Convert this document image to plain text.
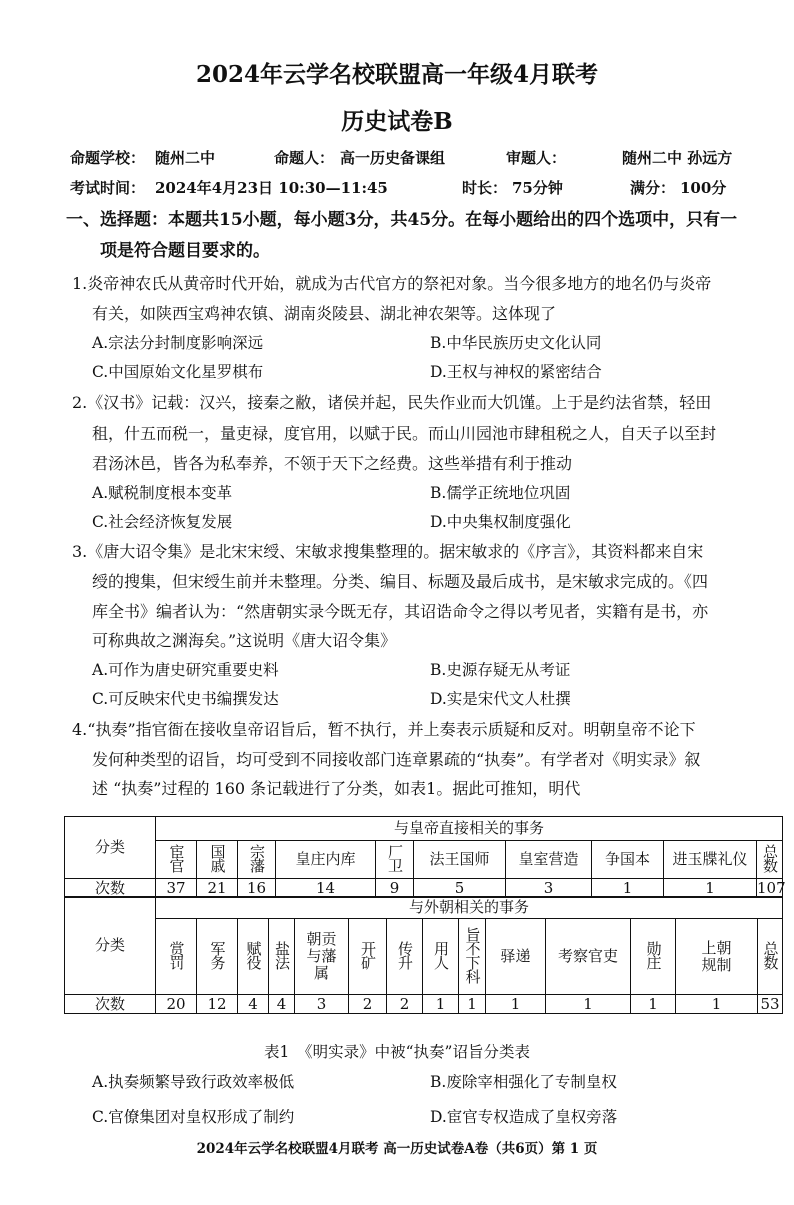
2024年云学名校联盟高一年级4月联考
历史试卷B
命题学校： 随州二中	命题人： 高一历史备课组	审题人：	随州二中 孙远方
考试时间： 2024年4月23日 10:30—11:45	时长： 75分钟	满分： 100分
一、选择题：本题共15小题，每小题3分，共45分。在每小题给出的四个选项中，只有一
项是符合题目要求的。
1.炎帝神农氏从黄帝时代开始，就成为古代官方的祭祀对象。当今很多地方的地名仍与炎帝
有关，如陕西宝鸡神农镇、湖南炎陵县、湖北神农架等。这体现了
A.宗法分封制度影响深远	B.中华民族历史文化认同
C.中国原始文化星罗棋布	D.王权与神权的紧密结合
2.《汉书》记载：汉兴，接秦之敝，诸侯并起，民失作业而大饥馑。上于是约法省禁，轻田
租，什五而税一，量吏禄，度官用，以赋于民。而山川园池市肆租税之人，自天子以至封
君汤沐邑，皆各为私奉养，不领于天下之经费。这些举措有利于推动
A.赋税制度根本变革	B.儒学正统地位巩固
C.社会经济恢复发展	D.中央集权制度强化
3.《唐大诏令集》是北宋宋绶、宋敏求搜集整理的。据宋敏求的《序言》，其资料都来自宋
绶的搜集，但宋绶生前并未整理。分类、编目、标题及最后成书，是宋敏求完成的。《四
库全书》编者认为：“然唐朝实录今既无存，其诏诰命令之得以考见者，实籍有是书，亦
可称典故之渊海矣。”这说明《唐大诏令集》
A.可作为唐史研究重要史料	B.史源存疑无从考证
C.可反映宋代史书编撰发达	D.实是宋代文人杜撰
4.“执奏”指官衙在接收皇帝诏旨后，暂不执行，并上奏表示质疑和反对。明朝皇帝不论下
发何种类型的诏旨，均可受到不同接收部门连章累疏的“执奏”。有学者对《明实录》叙
述 “执奏”过程的 160 条记载进行了分类，如表1。据此可推知，明代
分类	与皇帝直接相关的事务									
	宦官	国戚	宗藩	皇庄内库	厂卫	法王国师	皇室营造	争国本	进玉牒礼仪	总数
次数	37	21	16	14	9	5	3	1	1	107
分类	与外朝相关的事务													
	赏罚	军务	赋役	盐法	朝贡与藩属	开矿	传升	用人	旨不下科	驿递	考察官吏	勋庄	上朝规制	总数
次数	20	12	4	4	3	2	2	1	1	1	1	1	1	53
表1　《明实录》中被“执奏”诏旨分类表
A.执奏频繁导致行政效率极低	B.废除宰相强化了专制皇权
C.官僚集团对皇权形成了制约	D.宦官专权造成了皇权旁落
2024年云学名校联盟4月联考 高一历史试卷A卷（共6页）第 1 页
